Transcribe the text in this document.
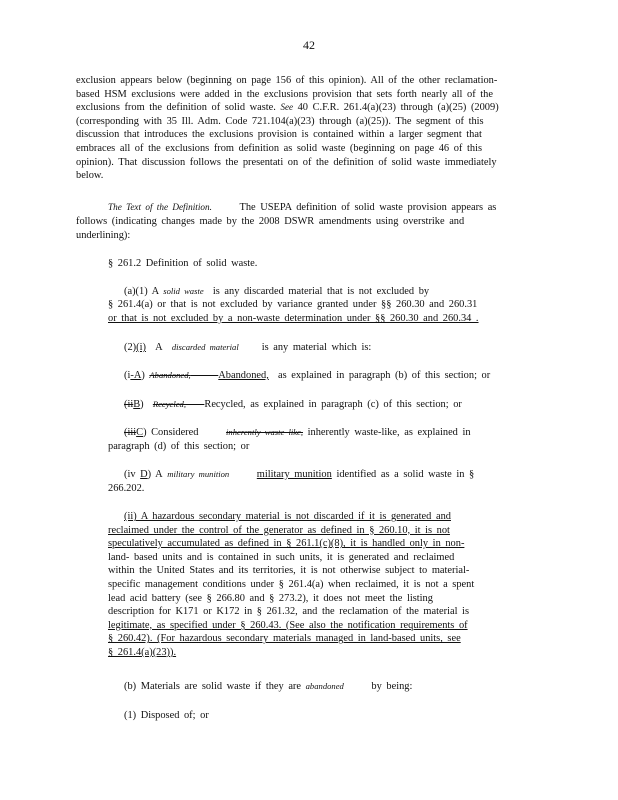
42
exclusion appears below (beginning on page 156 of this opinion). All of the other reclamation-
based HSM exclusions were added in the exclusions provision that sets forth nearly all of the
exclusions from the definition of solid waste. See 40 C.F.R. 261.4(a)(23) through (a)(25) (2009)
(corresponding with 35 Ill. Adm. Code 721.104(a)(23) through (a)(25)). The segment of this
discussion that introduces the exclusions provision is contained within a larger segment that
embraces all of the exclusions from definition as solid waste (beginning on page 46 of this
opinion). That discussion follows the presentati on of the definition of solid waste immediately
below.
The Text of the Definition.	The USEPA definition of solid waste provision appears as
follows (indicating changes made by the 2008 DSWR amendments using overstrike and
underlining):
§ 261.2 Definition of solid waste.
(a)(1) A solid waste is any discarded material that is not excluded by
§ 261.4(a) or that is not excluded by variance granted under §§ 260.30 and 260.31
or that is not excluded by a non-waste determination under §§ 260.30 and 260.34 .
(2)(i) A discarded material is any material which is:
(i-A) Abandoned,	Abandoned, as explained in paragraph (b) of this section; or
(iiB) Recycled, Recycled, as explained in paragraph (c) of this section; or
(iiiC) Considered	inherently waste like, inherently waste-like, as explained in
paragraph (d) of this section; or
(iv D) A military munition	military munition identified as a solid waste in §
266.202.
(ii) A hazardous secondary material is not discarded if it is generated and
reclaimed under the control of the generator as defined in § 260.10, it is not
speculatively accumulated as defined in § 261.1(c)(8), it is handled only in non-
land- based units and is contained in such units, it is generated and reclaimed
within the United States and its territories, it is not otherwise subject to material-
specific management conditions under § 261.4(a) when reclaimed, it is not a spent
lead acid battery (see § 266.80 and § 273.2), it does not meet the listing
description for K171 or K172 in § 261.32, and the reclamation of the material is
legitimate, as specified under § 260.43. (See also the notification requirements of
§ 260.42). (For hazardous secondary materials managed in land-based units, see
§ 261.4(a)(23)).
(b) Materials are solid waste if they are abandoned	by being:
(1) Disposed of; or
